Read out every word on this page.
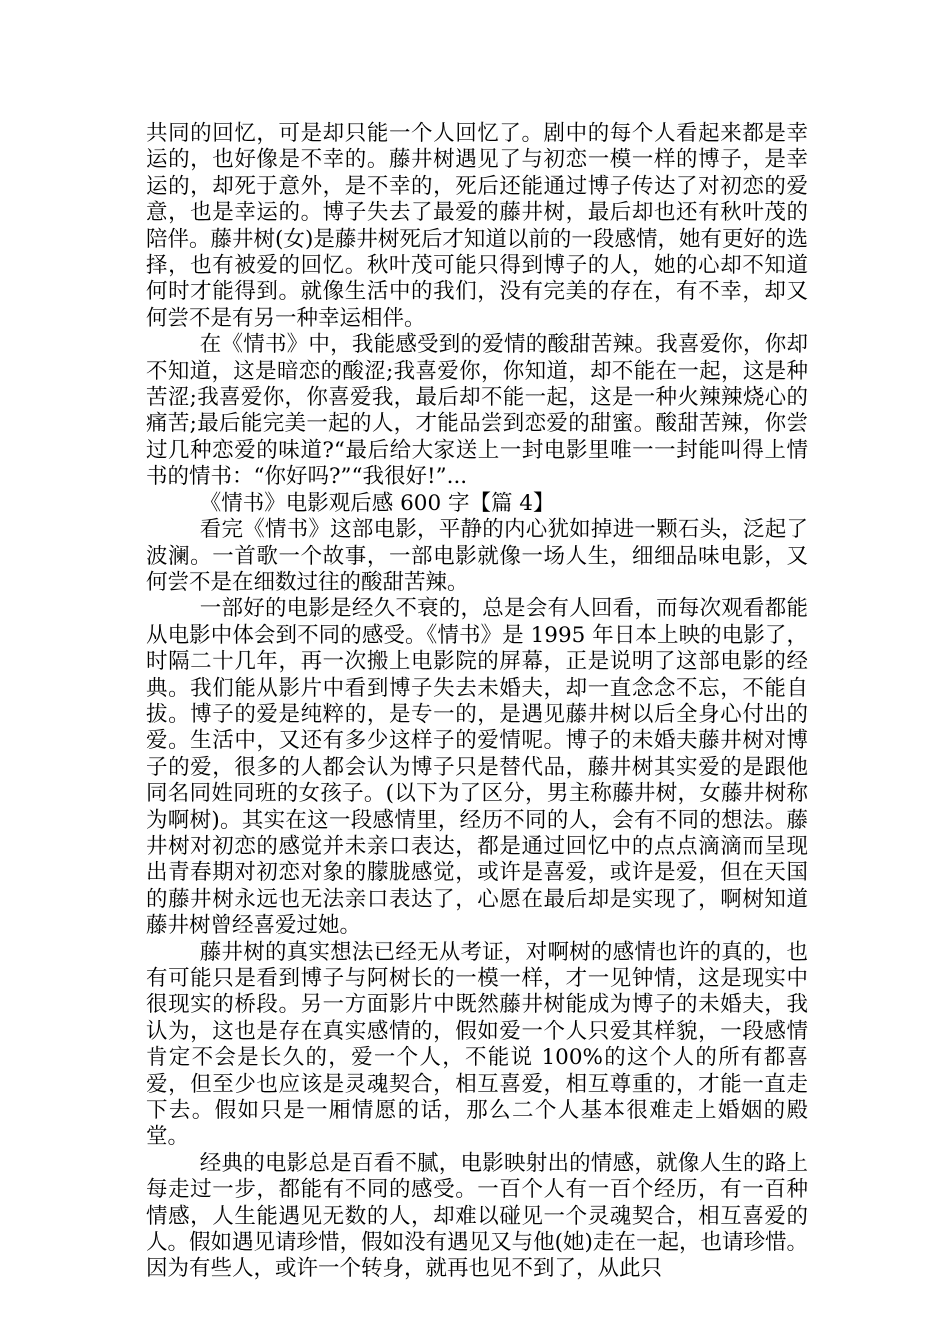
共同的回忆，可是却只能一个人回忆了。剧中的每个人看起来都是幸运的，也好像是不幸的。藤井树遇见了与初恋一模一样的博子，是幸运的，却死于意外，是不幸的，死后还能通过博子传达了对初恋的爱意，也是幸运的。博子失去了最爱的藤井树，最后却也还有秋叶茂的陪伴。藤井树(女)是藤井树死后才知道以前的一段感情，她有更好的选择，也有被爱的回忆。秋叶茂可能只得到博子的人，她的心却不知道何时才能得到。就像生活中的我们，没有完美的存在，有不幸，却又何尝不是有另一种幸运相伴。

在《情书》中，我能感受到的爱情的酸甜苦辣。我喜爱你，你却不知道，这是暗恋的酸涩;我喜爱你，你知道，却不能在一起，这是种苦涩;我喜爱你，你喜爱我，最后却不能一起，这是一种火辣辣烧心的痛苦;最后能完美一起的人，才能品尝到恋爱的甜蜜。酸甜苦辣，你尝过几种恋爱的味道?“最后给大家送上一封电影里唯一一封能叫得上情书的情书：“你好吗?”“我很好!”...

《情书》电影观后感 600 字【篇 4】

看完《情书》这部电影，平静的内心犹如掉进一颗石头，泛起了波澜。一首歌一个故事，一部电影就像一场人生，细细品味电影，又何尝不是在细数过往的酸甜苦辣。

一部好的电影是经久不衰的，总是会有人回看，而每次观看都能从电影中体会到不同的感受。《情书》是 1995 年日本上映的电影了，时隔二十几年，再一次搬上电影院的屏幕，正是说明了这部电影的经典。我们能从影片中看到博子失去未婚夫，却一直念念不忘，不能自拔。博子的爱是纯粹的，是专一的，是遇见藤井树以后全身心付出的爱。生活中，又还有多少这样子的爱情呢。博子的未婚夫藤井树对博子的爱，很多的人都会认为博子只是替代品，藤井树其实爱的是跟他同名同姓同班的女孩子。(以下为了区分，男主称藤井树，女藤井树称为啊树)。其实在这一段感情里，经历不同的人，会有不同的想法。藤井树对初恋的感觉并未亲口表达，都是通过回忆中的点点滴滴而呈现出青春期对初恋对象的朦胧感觉，或许是喜爱，或许是爱，但在天国的藤井树永远也无法亲口表达了，心愿在最后却是实现了，啊树知道藤井树曾经喜爱过她。

藤井树的真实想法已经无从考证，对啊树的感情也许的真的，也有可能只是看到博子与阿树长的一模一样，才一见钟情，这是现实中很现实的桥段。另一方面影片中既然藤井树能成为博子的未婚夫，我认为，这也是存在真实感情的，假如爱一个人只爱其样貌，一段感情肯定不会是长久的，爱一个人，不能说 100%的这个人的所有都喜爱，但至少也应该是灵魂契合，相互喜爱，相互尊重的，才能一直走下去。假如只是一厢情愿的话，那么二个人基本很难走上婚姻的殿堂。

经典的电影总是百看不腻，电影映射出的情感，就像人生的路上每走过一步，都能有不同的感受。一百个人有一百个经历，有一百种情感，人生能遇见无数的人，却难以碰见一个灵魂契合，相互喜爱的人。假如遇见请珍惜，假如没有遇见又与他(她)走在一起，也请珍惜。因为有些人，或许一个转身，就再也见不到了，从此只
